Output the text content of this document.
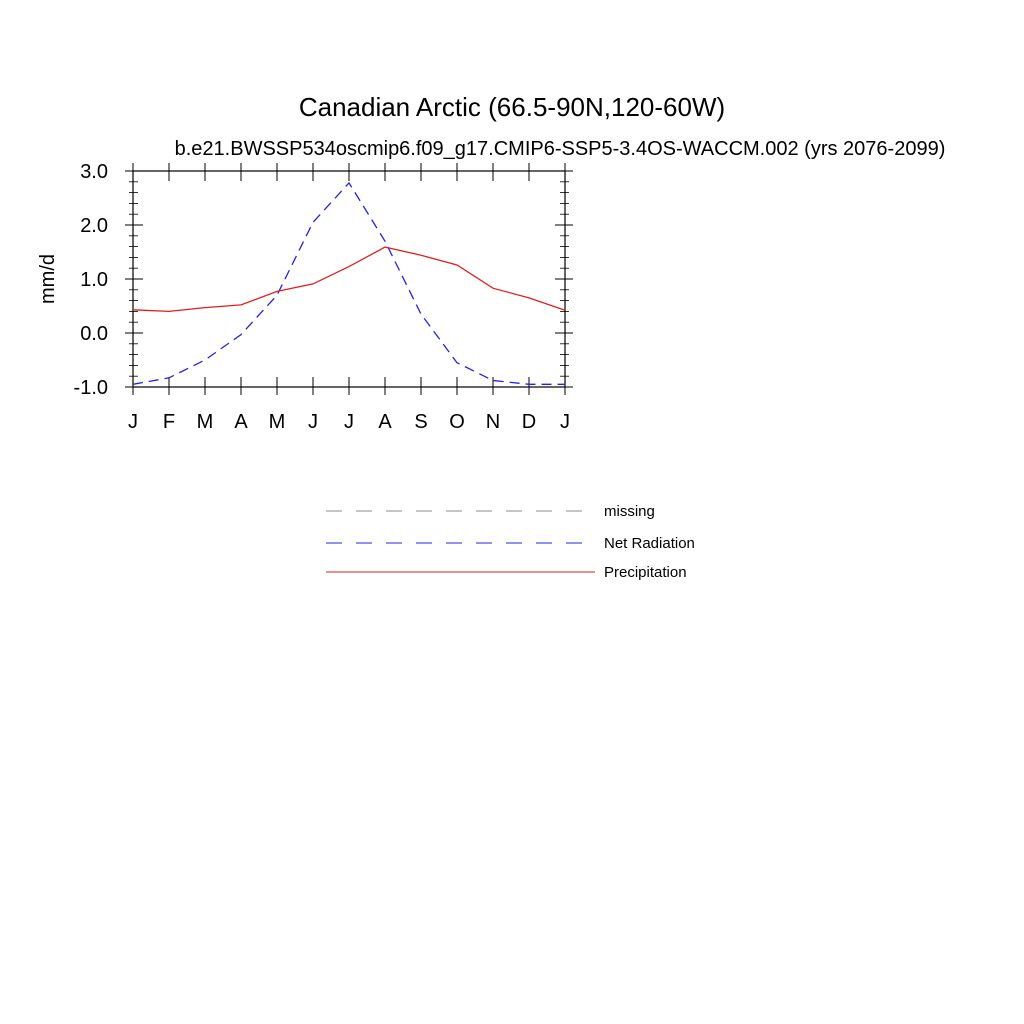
Canadian Arctic (66.5-90N,120-60W)
b.e21.BWSSP534oscmip6.f09_g17.CMIP6-SSP5-3.4OS-WACCM.002 (yrs 2076-2099)
mm/d
J F M A M J J A S O N D J
-1.0
0.0
1.0
2.0
3.0
missing
Net Radiation
Precipitation
